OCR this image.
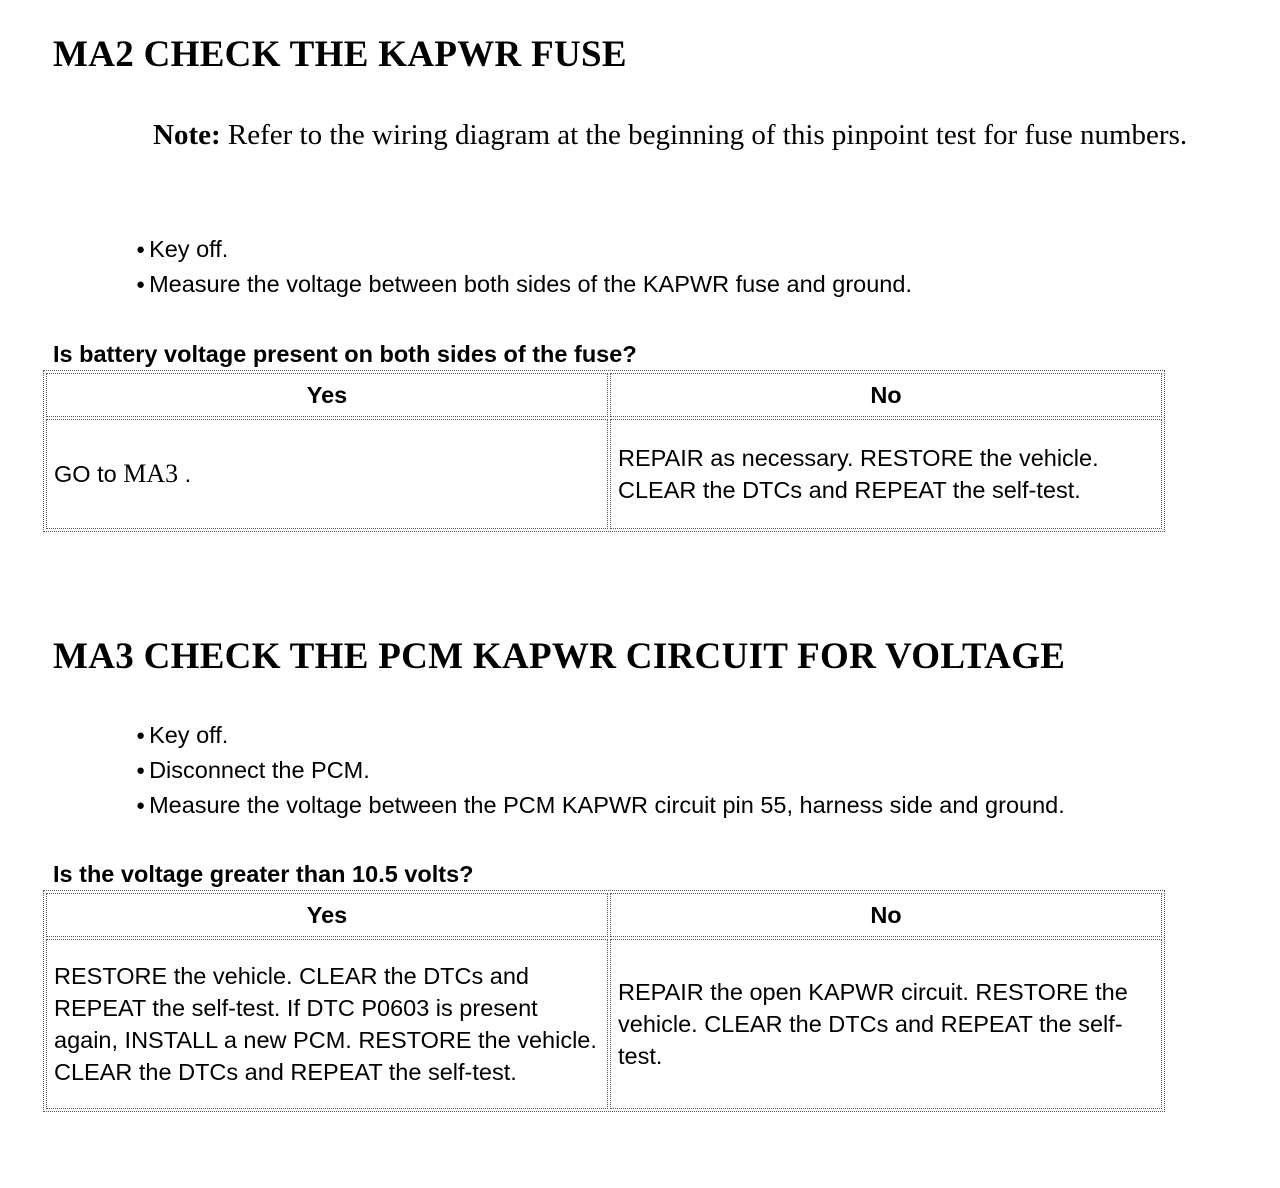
MA2 CHECK THE KAPWR FUSE

Note: Refer to the wiring diagram at the beginning of this pinpoint test for fuse numbers.

● Key off.
● Measure the voltage between both sides of the KAPWR fuse and ground.

Is battery voltage present on both sides of the fuse?

Yes	No
GO to MA3 .	REPAIR as necessary. RESTORE the vehicle. CLEAR the DTCs and REPEAT the self-test.
MA3 CHECK THE PCM KAPWR CIRCUIT FOR VOLTAGE
● Key off.
● Disconnect the PCM.
● Measure the voltage between the PCM KAPWR circuit pin 55, harness side and ground.

Is the voltage greater than 10.5 volts?

Yes	No
RESTORE the vehicle. CLEAR the DTCs and REPEAT the self-test. If DTC P0603 is present again, INSTALL a new PCM. RESTORE the vehicle. CLEAR the DTCs and REPEAT the self-test.	REPAIR the open KAPWR circuit. RESTORE the vehicle. CLEAR the DTCs and REPEAT the self-test.
